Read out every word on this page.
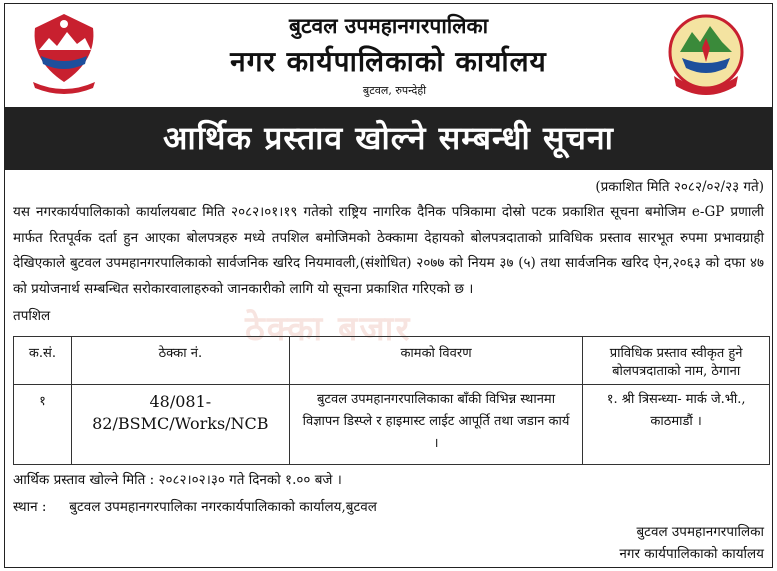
बुटवल उपमहानगरपालिका
नगर कार्यपालिकाको कार्यालय
बुटवल, रुपन्देही
आर्थिक प्रस्ताव खोल्ने सम्बन्धी सूचना
(प्रकाशित मिति २०८२/०२/२३ गते)

यस नगरकार्यपालिकाको कार्यालयबाट मिति २०८२।०१।१९ गतेको राष्ट्रिय नागरिक दैनिक पत्रिकामा दोस्रो पटक प्रकाशित सूचना बमोजिम e-GP प्रणाली मार्फत रितपूर्वक दर्ता हुन आएका बोलपत्रहरु मध्ये तपशिल बमोजिमको ठेक्कामा देहायको बोलपत्रदाताको प्राविधिक प्रस्ताव सारभूत रुपमा प्रभावग्राही देखिएकाले बुटवल उपमहानगरपालिकाको सार्वजनिक खरिद नियमावली,(संशोधित) २०७७ को नियम ३७ (५) तथा सार्वजनिक खरिद ऐन,२०६३ को दफा ४७ को प्रयोजनार्थ सम्बन्धित सरोकारवालाहरुको जानकारीको लागि यो सूचना प्रकाशित गरिएको छ ।

ठेक्का बजार
तपशिल
क.सं.	ठेक्का नं.	कामको विवरण	प्राविधिक प्रस्ताव स्वीकृत हुने बोलपत्रदाताको नाम, ठेगाना
१	48/081-82/BSMC/Works/NCB	बुटवल उपमहानगरपालिकाका बाँकी विभिन्न स्थानमा विज्ञापन डिस्प्ले र हाइमास्ट लाईट आपूर्ति तथा जडान कार्य ।	१. श्री त्रिसन्ध्या- मार्क जे.भी., काठमाडौं ।
आर्थिक प्रस्ताव खोल्ने मिति : २०८२।०२।३० गते दिनको १.०० बजे ।
स्थान : बुटवल उपमहानगरपालिका नगरकार्यपालिकाको कार्यालय,बुटवल
बुटवल उपमहानगरपालिका
नगर कार्यपालिकाको कार्यालय
